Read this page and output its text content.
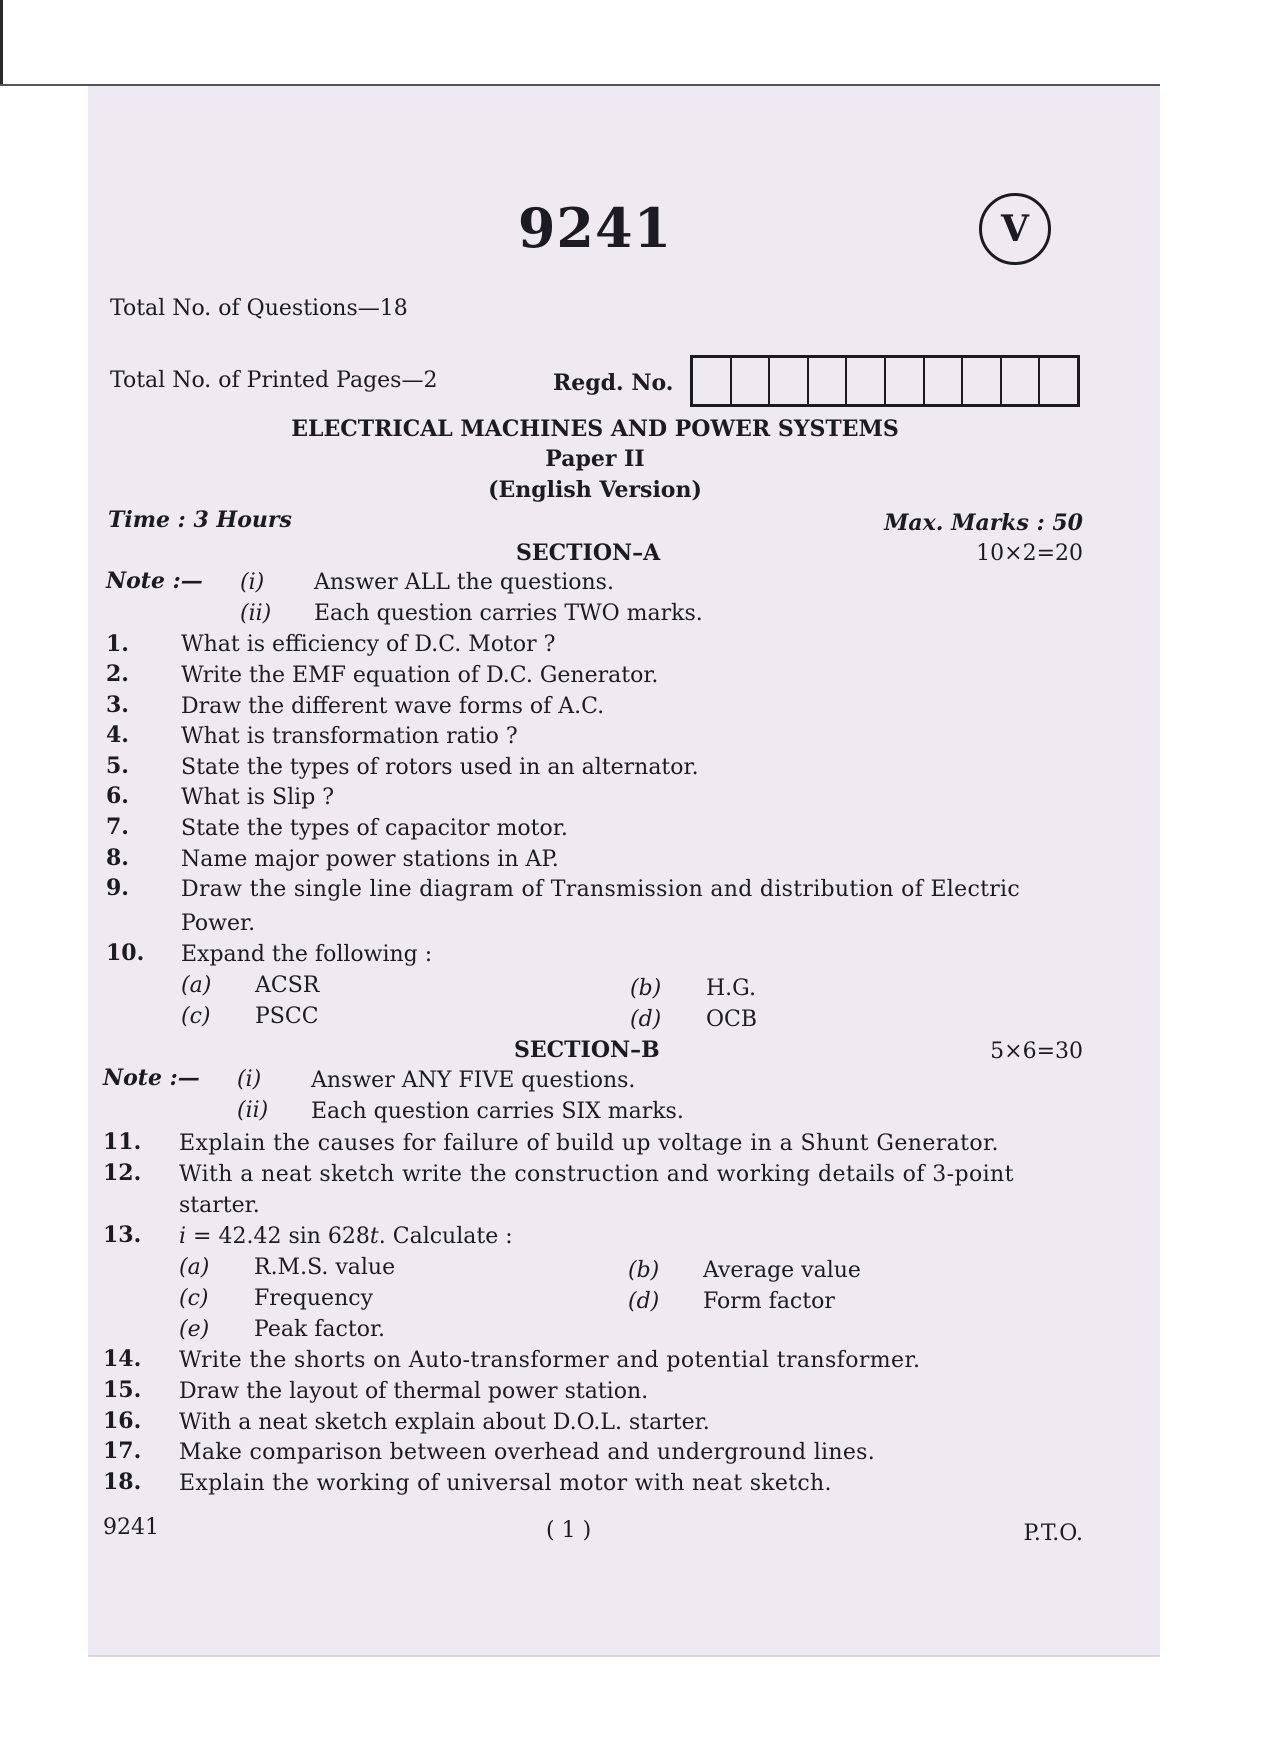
9241	V
Total No. of Questions—18
Total No. of Printed Pages—2	Regd. No.
ELECTRICAL MACHINES AND POWER SYSTEMS
Paper II
(English Version)
Time : 3 Hours	Max. Marks : 50
SECTION–A	10×2=20
Note :— (i) Answer ALL the questions.
(ii) Each question carries TWO marks.
1. What is efficiency of D.C. Motor ?
2. Write the EMF equation of D.C. Generator.
3. Draw the different wave forms of A.C.
4. What is transformation ratio ?
5. State the types of rotors used in an alternator.
6. What is Slip ?
7. State the types of capacitor motor.
8. Name major power stations in AP.
9. Draw the single line diagram of Transmission and distribution of Electric
Power.
10. Expand the following :
(a) ACSR	(b) H.G.
(c) PSCC	(d) OCB
SECTION–B	5×6=30
Note :— (i) Answer ANY FIVE questions.
(ii) Each question carries SIX marks.
11. Explain the causes for failure of build up voltage in a Shunt Generator.
12. With a neat sketch write the construction and working details of 3-point
starter.
13. i = 42.42 sin 628t. Calculate :
(a) R.M.S. value	(b) Average value
(c) Frequency	(d) Form factor
(e) Peak factor.
14. Write the shorts on Auto-transformer and potential transformer.
15. Draw the layout of thermal power station.
16. With a neat sketch explain about D.O.L. starter.
17. Make comparison between overhead and underground lines.
18. Explain the working of universal motor with neat sketch.
9241	( 1 )	P.T.O.
